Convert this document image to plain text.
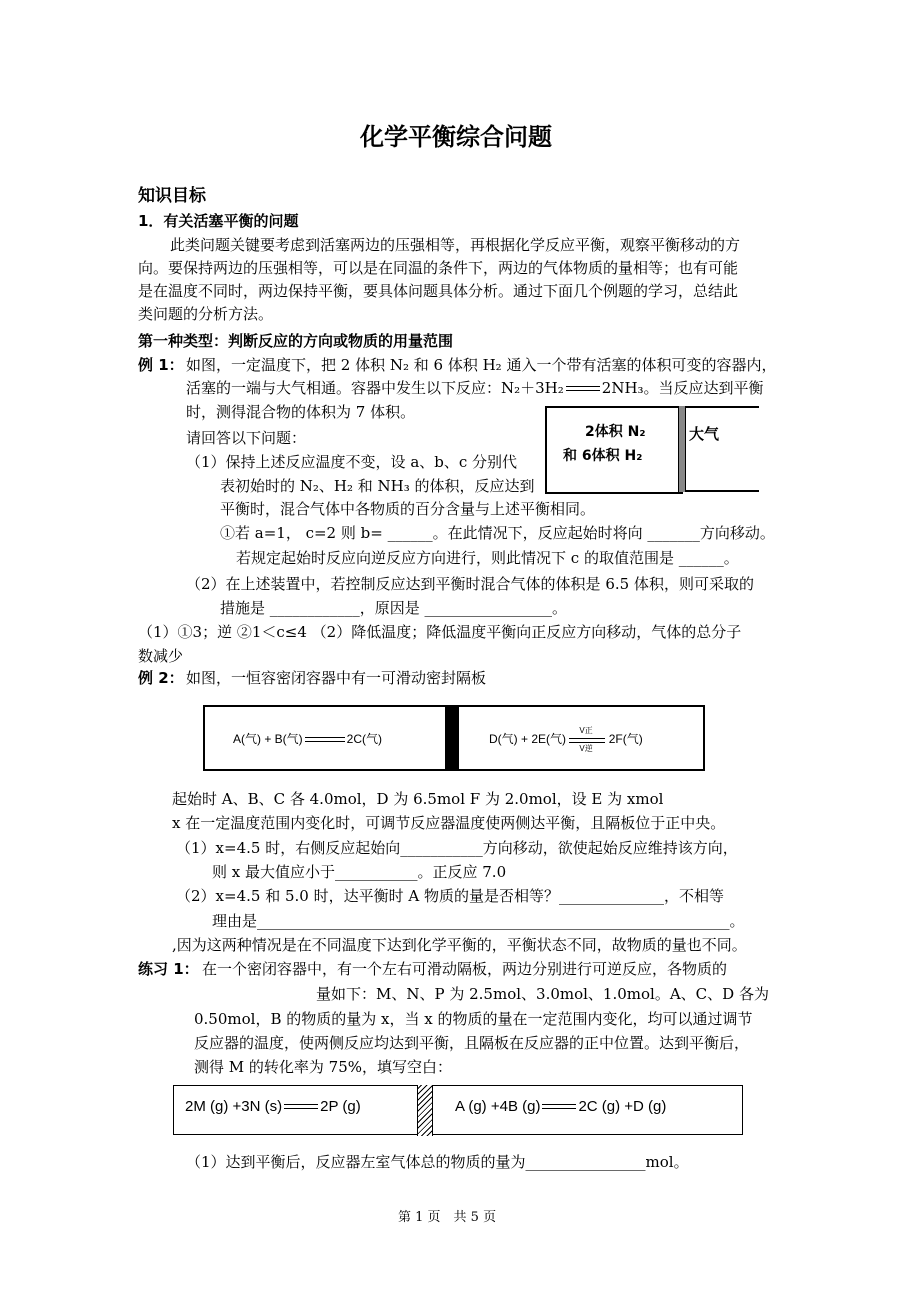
化学平衡综合问题
知识目标
1．有关活塞平衡的问题
此类问题关键要考虑到活塞两边的压强相等，再根据化学反应平衡，观察平衡移动的方
向。要保持两边的压强相等，可以是在同温的条件下，两边的气体物质的量相等；也有可能
是在温度不同时，两边保持平衡，要具体问题具体分析。通过下面几个例题的学习，总结此
类问题的分析方法。
第一种类型：判断反应的方向或物质的用量范围
例 1： 如图，一定温度下，把 2 体积 N₂ 和 6 体积 H₂ 通入一个带有活塞的体积可变的容器内，
活塞的一端与大气相通。容器中发生以下反应：N₂＋3H₂	2NH₃。当反应达到平衡
时，测得混合物的体积为 7 体积。
请回答以下问题：
（1）保持上述反应温度不变，设 a、b、c 分别代
表初始时的 N₂、H₂ 和 NH₃ 的体积，反应达到
平衡时，混合气体中各物质的百分含量与上述平衡相同。
①若 a=1， c=2 则 b= ______。在此情况下，反应起始时将向 _______方向移动。
若规定起始时反应向逆反应方向进行，则此情况下 c 的取值范围是 ______。
（2）在上述装置中，若控制反应达到平衡时混合气体的体积是 6.5 体积，则可采取的
措施是 ____________，原因是 _________________。
（1）①3；逆 ②1＜c≤4 （2）降低温度；降低温度平衡向正反应方向移动，气体的总分子
数减少
2体积 N₂
和 6体积 H₂
大气
例 2： 如图，一恒容密闭容器中有一可滑动密封隔板
A(气) + B(气)	2C(气)	D(气) + 2E(气)
V正
V逆
2F(气)
起始时 A、B、C 各 4.0mol，D 为 6.5mol F 为 2.0mol，设 E 为 xmol
x 在一定温度范围内变化时，可调节反应器温度使两侧达平衡，且隔板位于正中央。
（1）x=4.5 时，右侧反应起始向___________方向移动，欲使起始反应维持该方向，
则 x 最大值应小于___________。正反应 7.0
（2）x=4.5 和 5.0 时，达平衡时 A 物质的量是否相等？______________，不相等
理由是_______________________________________________________________。
,因为这两种情况是在不同温度下达到化学平衡的，平衡状态不同，故物质的量也不同。
练习 1： 在一个密闭容器中，有一个左右可滑动隔板，两边分别进行可逆反应，各物质的
量如下：M、N、P 为 2.5mol、3.0mol、1.0mol。A、C、D 各为
0.50mol，B 的物质的量为 x，当 x 的物质的量在一定范围内变化，均可以通过调节
反应器的温度，使两侧反应均达到平衡，且隔板在反应器的正中位置。达到平衡后，
测得 M 的转化率为 75%，填写空白：
2M (g) +3N (s)	2P (g)	A (g) +4B (g)	2C (g) +D (g)
（1）达到平衡后，反应器左室气体总的物质的量为________________mol。
第 1 页　共 5 页
